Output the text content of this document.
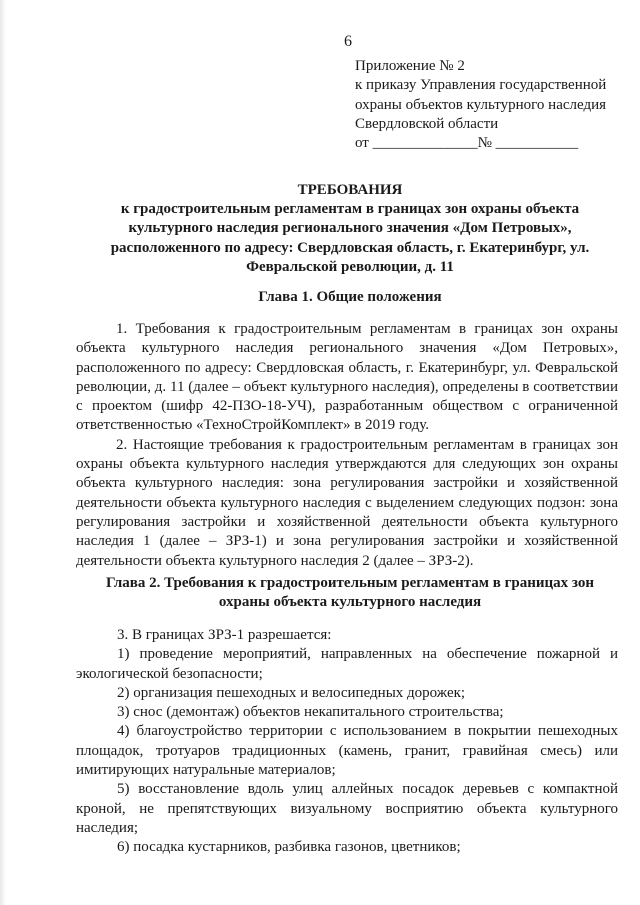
6
Приложение № 2
к приказу Управления государственной
охраны объектов культурного наследия
Свердловской области
от ______________№ ___________
ТРЕБОВАНИЯ
к градостроительным регламентам в границах зон охраны объекта культурного наследия регионального значения «Дом Петровых», расположенного по адресу: Свердловская область, г. Екатеринбург, ул. Февральской революции, д. 11
Глава 1. Общие положения

1. Требования к градостроительным регламентам в границах зон охраны объекта культурного наследия регионального значения «Дом Петровых», расположенного по адресу: Свердловская область, г. Екатеринбург, ул. Февральской революции, д. 11 (далее – объект культурного наследия), определены в соответствии с проектом (шифр 42-ПЗО-18-УЧ), разработанным обществом с ограниченной ответственностью «ТехноСтройКомплект» в 2019 году.

2. Настоящие требования к градостроительным регламентам в границах зон охраны объекта культурного наследия утверждаются для следующих зон охраны объекта культурного наследия: зона регулирования застройки и хозяйственной деятельности объекта культурного наследия с выделением следующих подзон: зона регулирования застройки и хозяйственной деятельности объекта культурного наследия 1 (далее – ЗРЗ-1) и зона регулирования застройки и хозяйственной деятельности объекта культурного наследия 2 (далее – ЗРЗ-2).

Глава 2. Требования к градостроительным регламентам в границах зон охраны объекта культурного наследия

3. В границах ЗРЗ-1 разрешается:

1) проведение мероприятий, направленных на обеспечение пожарной и экологической безопасности;

2) организация пешеходных и велосипедных дорожек;

3) снос (демонтаж) объектов некапитального строительства;

4) благоустройство территории с использованием в покрытии пешеходных площадок, тротуаров традиционных (камень, гранит, гравийная смесь) или имитирующих натуральные материалов;

5) восстановление вдоль улиц аллейных посадок деревьев с компактной кроной, не препятствующих визуальному восприятию объекта культурного наследия;

6) посадка кустарников, разбивка газонов, цветников;
